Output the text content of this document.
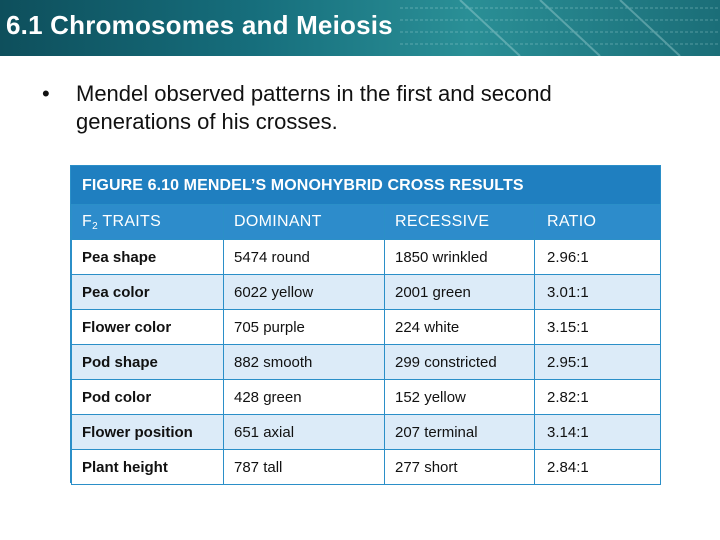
6.1 Chromosomes and Meiosis
• Mendel observed patterns in the first and second generations of his crosses.
FIGURE 6.10 MENDEL’S MONOHYBRID CROSS RESULTS
$F_2$ TRAITS	DOMINANT	RECESSIVE	RATIO
Pea shape	5474 round	1850 wrinkled	2.96:1
Pea color	6022 yellow	2001 green	3.01:1
Flower color	705 purple	224 white	3.15:1
Pod shape	882 smooth	299 constricted	2.95:1
Pod color	428 green	152 yellow	2.82:1
Flower position	651 axial	207 terminal	3.14:1
Plant height	787 tall	277 short	2.84:1
